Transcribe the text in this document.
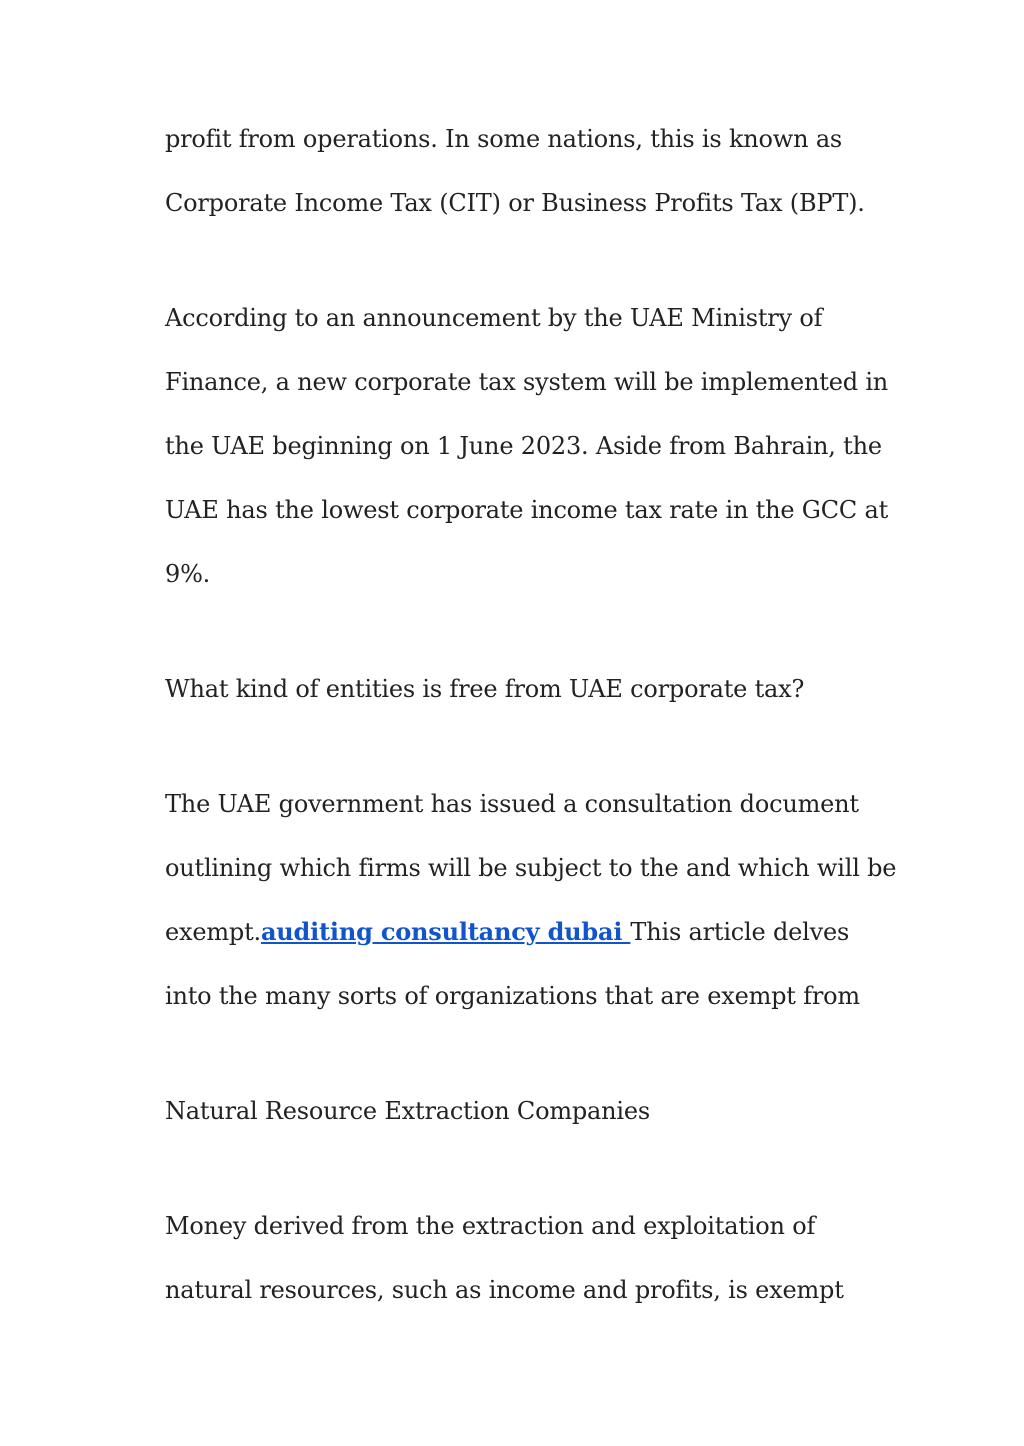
profit from operations. In some nations, this is known as

Corporate Income Tax (CIT) or Business Profits Tax (BPT).

According to an announcement by the UAE Ministry of

Finance, a new corporate tax system will be implemented in

the UAE beginning on 1 June 2023. Aside from Bahrain, the

UAE has the lowest corporate income tax rate in the GCC at

9%.

What kind of entities is free from UAE corporate tax?

The UAE government has issued a consultation document

outlining which firms will be subject to the and which will be

exempt.auditing consultancy dubai This article delves

into the many sorts of organizations that are exempt from

Natural Resource Extraction Companies

Money derived from the extraction and exploitation of

natural resources, such as income and profits, is exempt
